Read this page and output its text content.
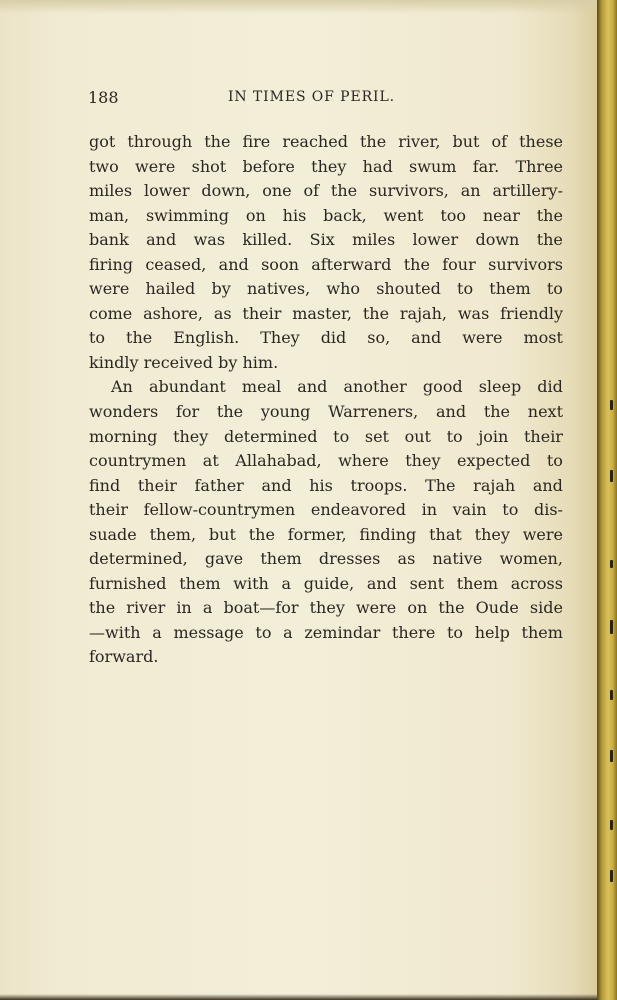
188	IN TIMES OF PERIL.
got through the fire reached the river, but of these
two were shot before they had swum far. Three
miles lower down, one of the survivors, an artillery-
man, swimming on his back, went too near the
bank and was killed. Six miles lower down the
firing ceased, and soon afterward the four survivors
were hailed by natives, who shouted to them to
come ashore, as their master, the rajah, was friendly
to the English. They did so, and were most
kindly received by him.
An abundant meal and another good sleep did
wonders for the young Warreners, and the next
morning they determined to set out to join their
countrymen at Allahabad, where they expected to
find their father and his troops. The rajah and
their fellow-countrymen endeavored in vain to dis-
suade them, but the former, finding that they were
determined, gave them dresses as native women,
furnished them with a guide, and sent them across
the river in a boat—for they were on the Oude side
—with a message to a zemindar there to help them
forward.
